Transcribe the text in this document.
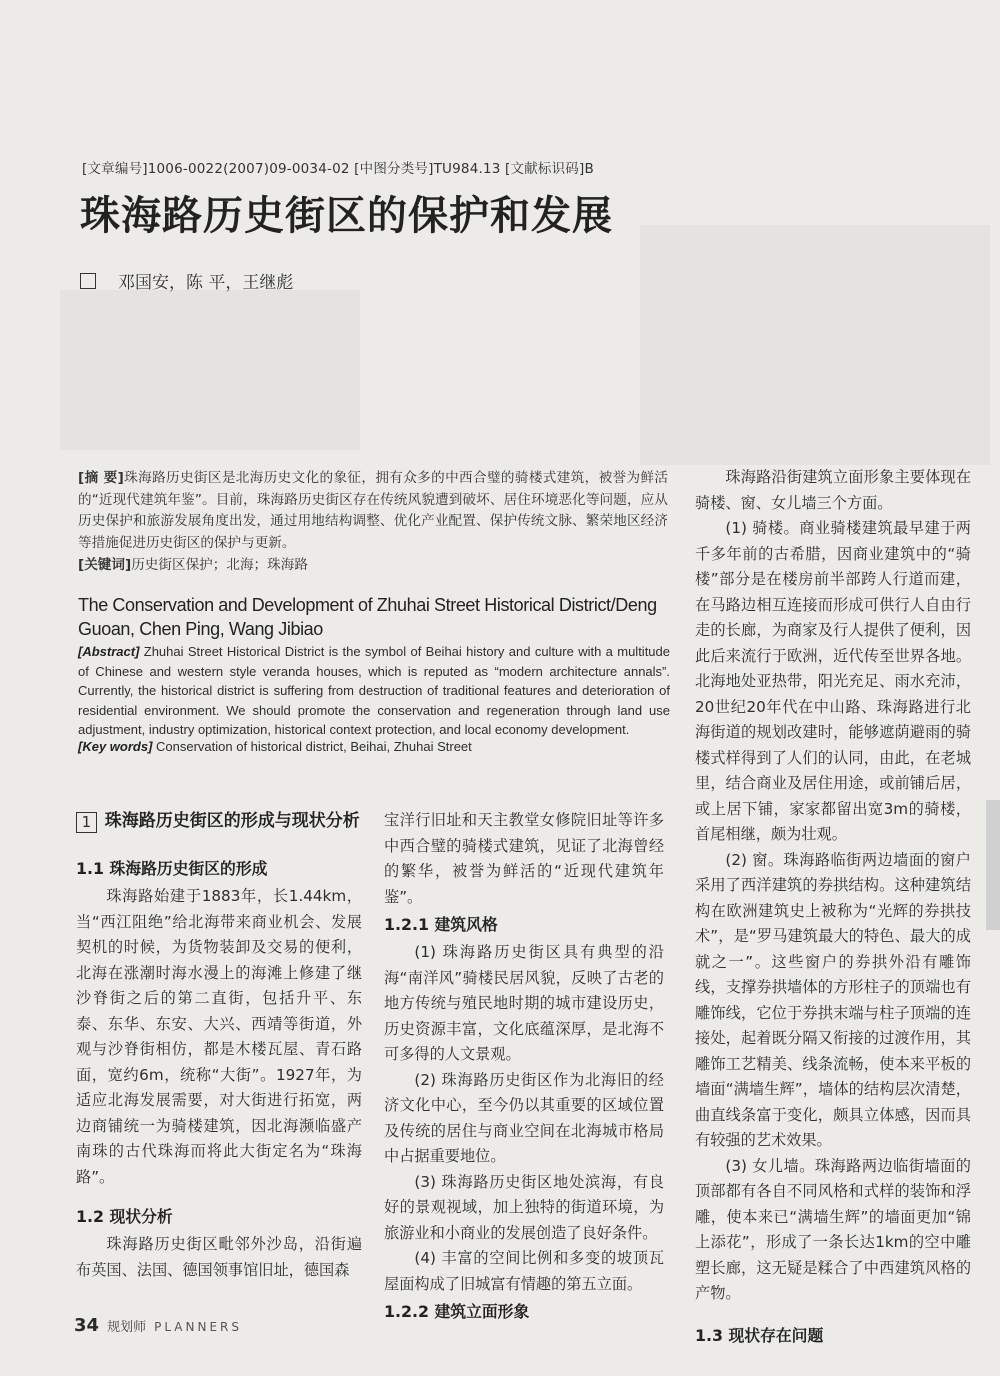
[文章编号]1006-0022(2007)09-0034-02 [中图分类号]TU984.13 [文献标识码]B
珠海路历史街区的保护和发展
邓国安，陈 平，王继彪
[摘 要]珠海路历史街区是北海历史文化的象征，拥有众多的中西合璧的骑楼式建筑，被誉为鲜活的“近现代建筑年鉴”。目前，珠海路历史街区存在传统风貌遭到破坏、居住环境恶化等问题，应从历史保护和旅游发展角度出发，通过用地结构调整、优化产业配置、保护传统文脉、繁荣地区经济等措施促进历史街区的保护与更新。
[关键词]历史街区保护；北海；珠海路
The Conservation and Development of Zhuhai Street Historical District/Deng Guoan, Chen Ping, Wang Jibiao
[Abstract] Zhuhai Street Historical District is the symbol of Beihai history and culture with a multitude of Chinese and western style veranda houses, which is reputed as “modern architecture annals”. Currently, the historical district is suffering from destruction of traditional features and deterioration of residential environment. We should promote the conservation and regeneration through land use adjustment, industry optimization, historical context protection, and local economy development.
[Key words] Conservation of historical district, Beihai, Zhuhai Street

珠海路沿街建筑立面形象主要体现在骑楼、窗、女儿墙三个方面。

(1) 骑楼。商业骑楼建筑最早建于两千多年前的古希腊，因商业建筑中的“骑楼”部分是在楼房前半部跨人行道而建，在马路边相互连接而形成可供行人自由行走的长廊，为商家及行人提供了便利，因此后来流行于欧洲，近代传至世界各地。北海地处亚热带，阳光充足、雨水充沛，20世纪20年代在中山路、珠海路进行北海街道的规划改建时，能够遮荫避雨的骑楼式样得到了人们的认同，由此，在老城里，结合商业及居住用途，或前铺后居，或上居下铺，家家都留出宽3m的骑楼，首尾相继，颇为壮观。

(2) 窗。珠海路临街两边墙面的窗户采用了西洋建筑的券拱结构。这种建筑结构在欧洲建筑史上被称为“光辉的券拱技术”，是“罗马建筑最大的特色、最大的成就之一”。这些窗户的券拱外沿有雕饰线，支撑券拱墙体的方形柱子的顶端也有雕饰线，它位于券拱末端与柱子顶端的连接处，起着既分隔又衔接的过渡作用，其雕饰工艺精美、线条流畅，使本来平板的墙面“满墙生辉”，墙体的结构层次清楚，曲直线条富于变化，颇具立体感，因而具有较强的艺术效果。

(3) 女儿墙。珠海路两边临街墙面的顶部都有各自不同风格和式样的装饰和浮雕，使本来已“满墙生辉”的墙面更加“锦上添花”，形成了一条长达1km的空中雕塑长廊，这无疑是糅合了中西建筑风格的产物。

1.3 现状存在问题
1 珠海路历史街区的形成与现状分析
1.1 珠海路历史街区的形成

珠海路始建于1883年，长1.44km，当“西江阻绝”给北海带来商业机会、发展契机的时候，为货物装卸及交易的便利，北海在涨潮时海水漫上的海滩上修建了继沙脊街之后的第二直街，包括升平、东泰、东华、东安、大兴、西靖等街道，外观与沙脊街相仿，都是木楼瓦屋、青石路面，宽约6m，统称“大街”。1927年，为适应北海发展需要，对大街进行拓宽，两边商铺统一为骑楼建筑，因北海濒临盛产南珠的古代珠海而将此大街定名为“珠海路”。

1.2 现状分析

珠海路历史街区毗邻外沙岛，沿街遍布英国、法国、德国领事馆旧址，德国森

宝洋行旧址和天主教堂女修院旧址等许多中西合璧的骑楼式建筑，见证了北海曾经的繁华，被誉为鲜活的“近现代建筑年鉴”。

1.2.1 建筑风格

(1) 珠海路历史街区具有典型的沿海“南洋风”骑楼民居风貌，反映了古老的地方传统与殖民地时期的城市建设历史，历史资源丰富，文化底蕴深厚，是北海不可多得的人文景观。

(2) 珠海路历史街区作为北海旧的经济文化中心，至今仍以其重要的区域位置及传统的居住与商业空间在北海城市格局中占据重要地位。

(3) 珠海路历史街区地处滨海，有良好的景观视域，加上独特的街道环境，为旅游业和小商业的发展创造了良好条件。

(4) 丰富的空间比例和多变的坡顶瓦屋面构成了旧城富有情趣的第五立面。

1.2.2 建筑立面形象
34 规划师 PLANNERS
